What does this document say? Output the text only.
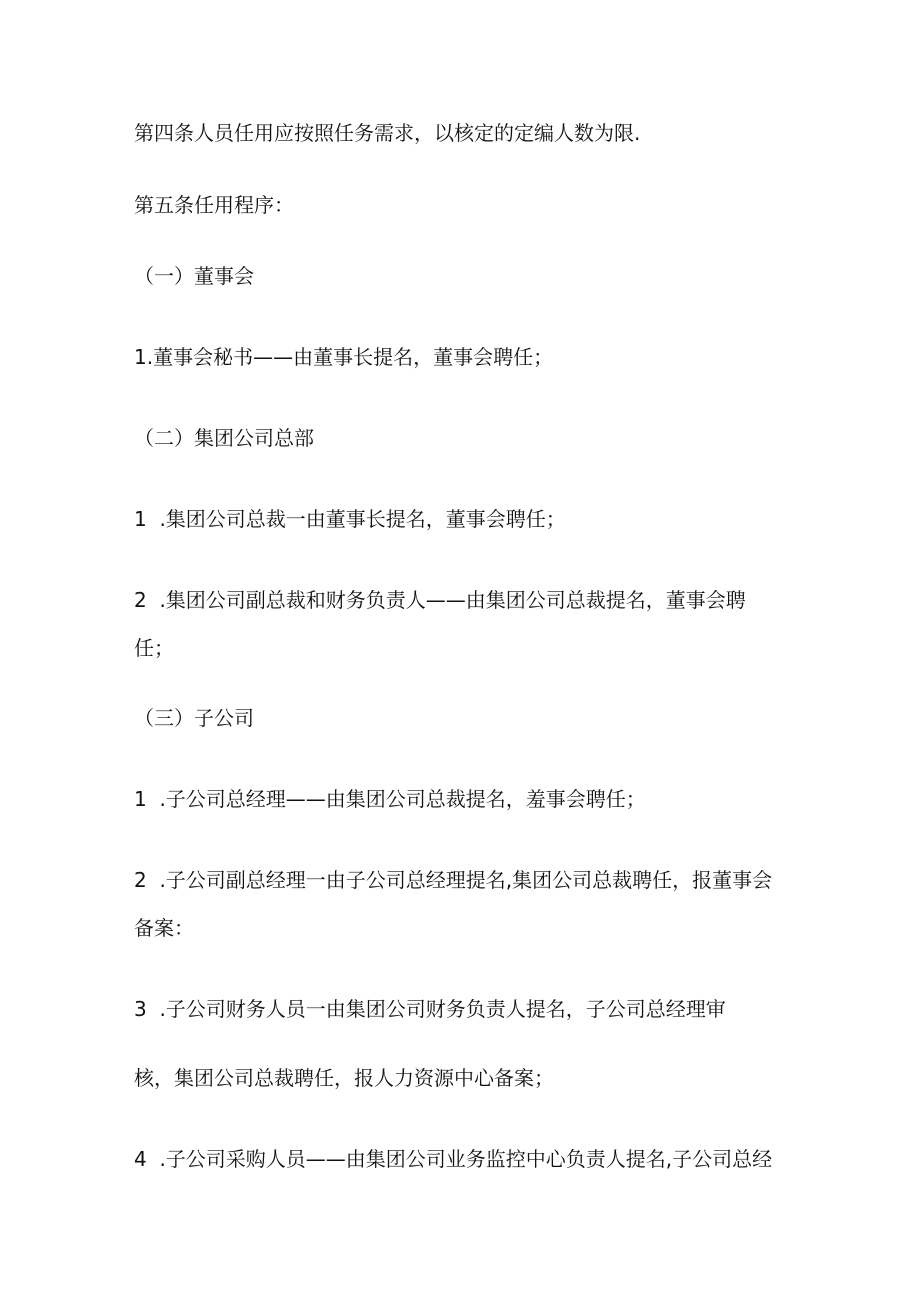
第四条人员任用应按照任务需求，以核定的定编人数为限.

第五条任用程序：

（一）董事会

1.董事会秘书——由董事长提名，董事会聘任；

（二）集团公司总部

1  .集团公司总裁一由董事长提名，董事会聘任；

2  .集团公司副总裁和财务负责人——由集团公司总裁提名，董事会聘

任；

（三）子公司

1  .子公司总经理——由集团公司总裁提名，羞事会聘任；

2  .子公司副总经理一由子公司总经理提名,集团公司总裁聘任，报董事会

备案：

3  .子公司财务人员一由集团公司财务负责人提名，子公司总经理审

核，集团公司总裁聘任，报人力资源中心备案；

4  .子公司采购人员——由集团公司业务监控中心负责人提名,子公司总经
